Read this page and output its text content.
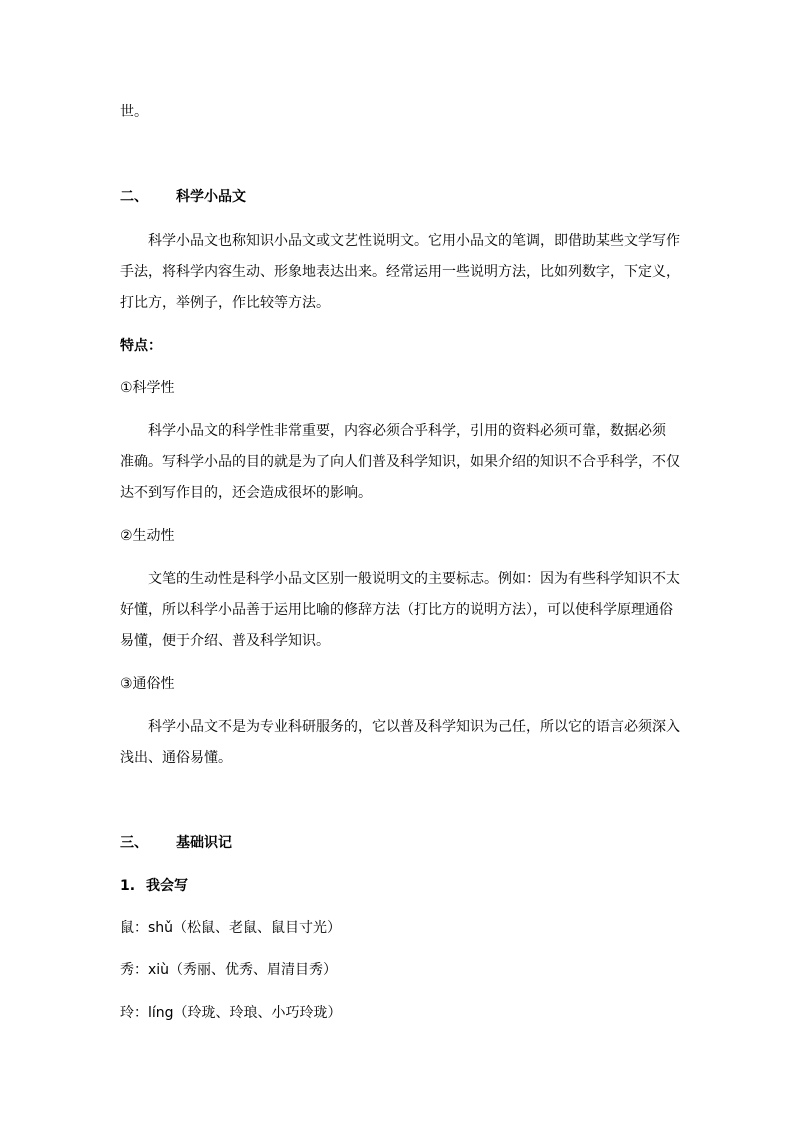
世。
二、 科学小品文
科学小品文也称知识小品文或文艺性说明文。它用小品文的笔调，即借助某些文学写作
手法，将科学内容生动、形象地表达出来。经常运用一些说明方法，比如列数字，下定义，
打比方，举例子，作比较等方法。
特点：
①科学性
科学小品文的科学性非常重要，内容必须合乎科学，引用的资料必须可靠，数据必须
准确。写科学小品的目的就是为了向人们普及科学知识，如果介绍的知识不合乎科学，不仅
达不到写作目的，还会造成很坏的影响。
②生动性
文笔的生动性是科学小品文区别一般说明文的主要标志。例如：因为有些科学知识不太
好懂，所以科学小品善于运用比喻的修辞方法（打比方的说明方法），可以使科学原理通俗
易懂，便于介绍、普及科学知识。
③通俗性
科学小品文不是为专业科研服务的，它以普及科学知识为己任，所以它的语言必须深入
浅出、通俗易懂。
三、 基础识记
1. 我会写
鼠：shǔ（松鼠、老鼠、鼠目寸光）
秀：xiù（秀丽、优秀、眉清目秀）
玲：líng（玲珑、玲琅、小巧玲珑）
